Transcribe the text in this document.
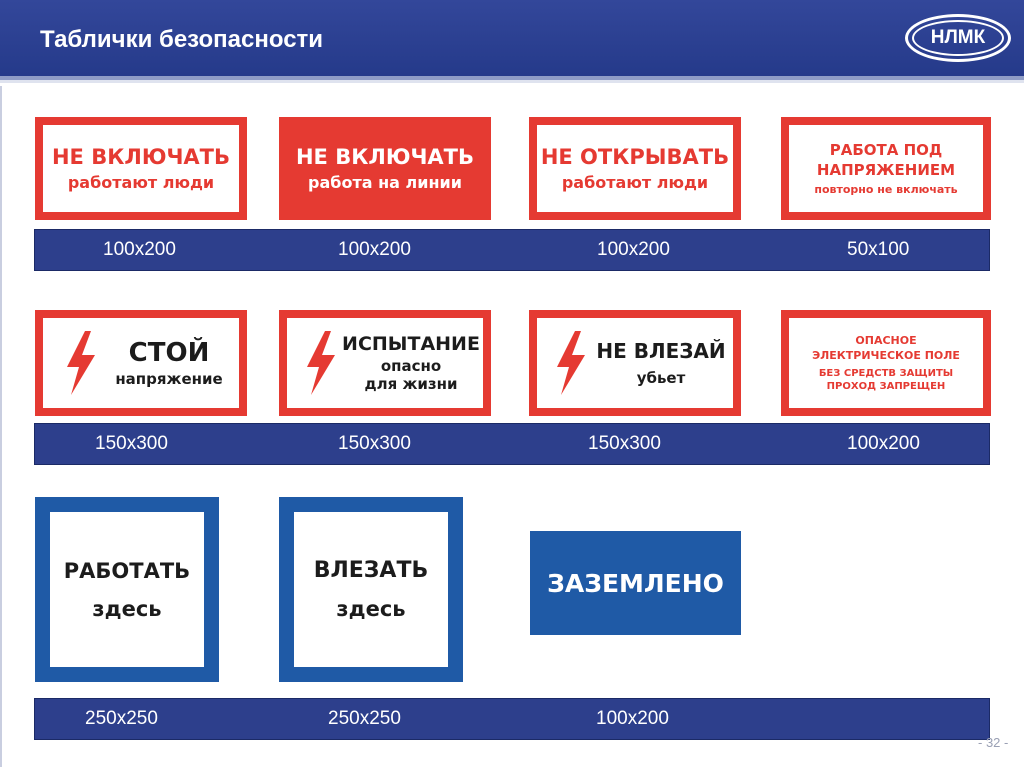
Таблички безопасности	НЛМК
НЕ ВКЛЮЧАТЬ
работают люди
НЕ ВКЛЮЧАТЬ
работа на линии
НЕ ОТКРЫВАТЬ
работают люди
РАБОТА ПОД
НАПРЯЖЕНИЕМ
повторно не включать
100х200	100х200	100х200	50х100
СТОЙ
напряжение
ИСПЫТАНИЕ
опасно
для жизни
НЕ ВЛЕЗАЙ
убьет
ОПАСНОЕ
ЭЛЕКТРИЧЕСКОЕ ПОЛЕ
БЕЗ СРЕДСТВ ЗАЩИТЫ
ПРОХОД ЗАПРЕЩЕН
150х300	150х300	150х300	100х200
РАБОТАТЬ
здесь
ВЛЕЗАТЬ
здесь
ЗАЗЕМЛЕНО
250х250	250х250	100х200
- 32 -
